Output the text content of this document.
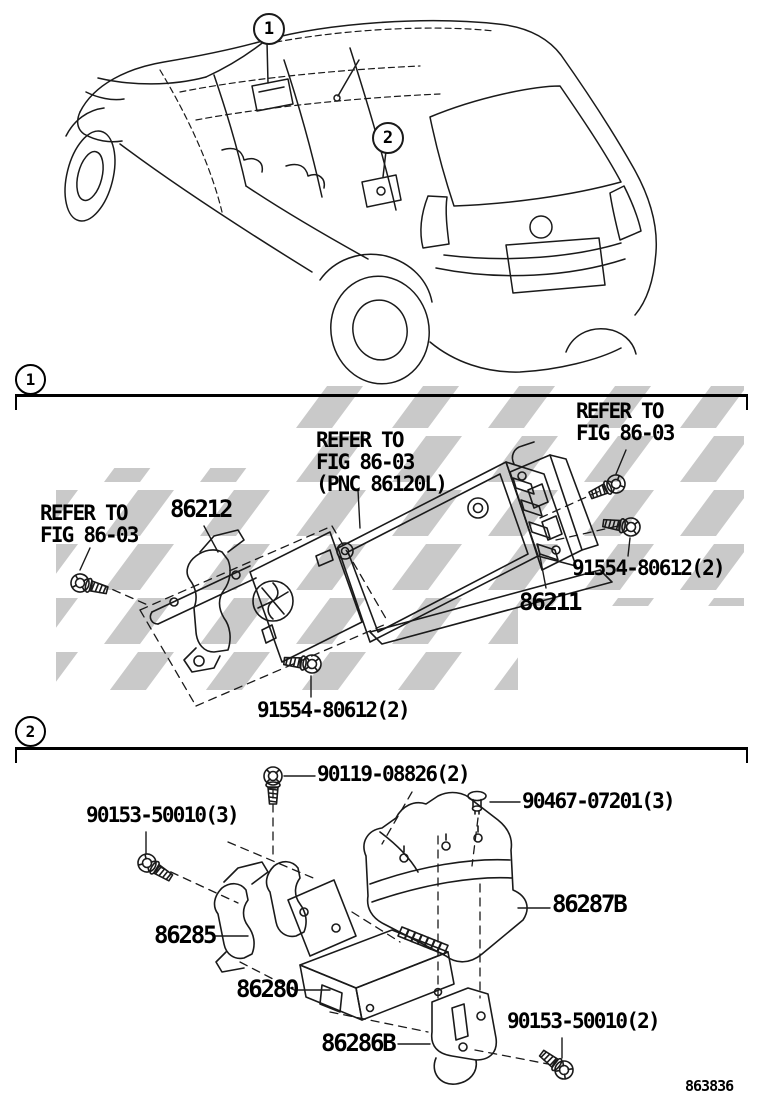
1
2
1
2
REFER TO
FIG 86-03
REFER TO
FIG 86-03
(PNC 86120L)
REFER TO
FIG 86-03
86212
86211
91554-80612(2)
91554-80612(2)
90119-08826(2)
90467-07201(3)
90153-50010(3)
86287B
86285
86280
90153-50010(2)
86286B
863836
